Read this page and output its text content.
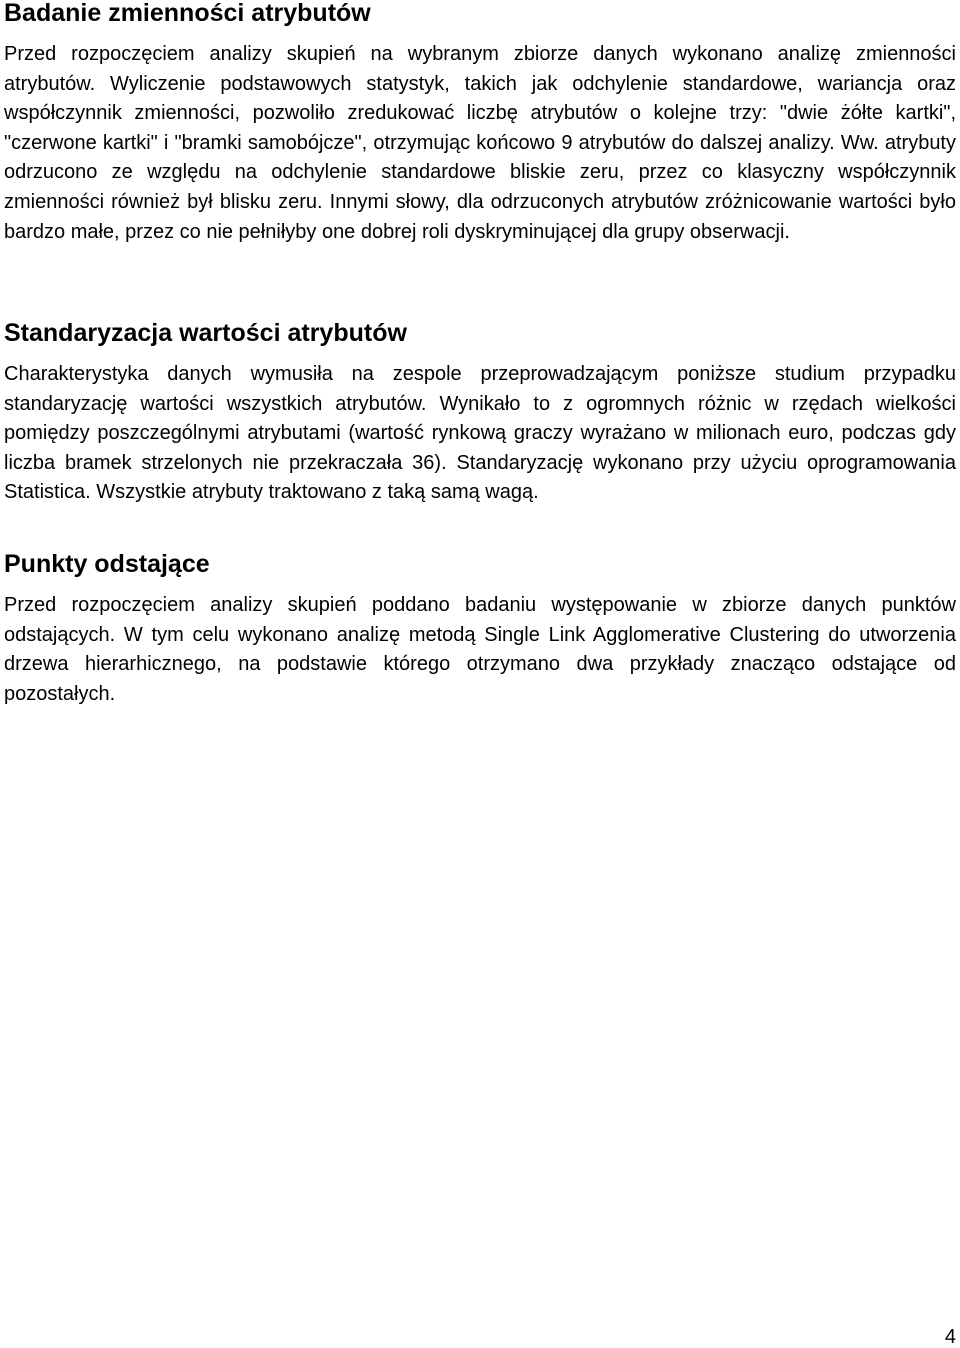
Badanie zmienności atrybutów

Przed rozpoczęciem analizy skupień na wybranym zbiorze danych wykonano analizę zmienności atrybutów. Wyliczenie podstawowych statystyk, takich jak odchylenie standardowe, wariancja oraz współczynnik zmienności, pozwoliło zredukować liczbę atrybutów o kolejne trzy: "dwie żółte kartki", "czerwone kartki" i "bramki samobójcze", otrzymując końcowo 9 atrybutów do dalszej analizy. Ww. atrybuty odrzucono ze względu na odchylenie standardowe bliskie zeru, przez co klasyczny współczynnik zmienności również był blisku zeru. Innymi słowy, dla odrzuconych atrybutów zróżnicowanie wartości było bardzo małe, przez co nie pełniłyby one dobrej roli dyskryminującej dla grupy obserwacji.

Standaryzacja wartości atrybutów

Charakterystyka danych wymusiła na zespole przeprowadzającym poniższe studium przypadku standaryzację wartości wszystkich atrybutów. Wynikało to z ogromnych różnic w rzędach wielkości pomiędzy poszczególnymi atrybutami (wartość rynkową graczy wyrażano w milionach euro, podczas gdy liczba bramek strzelonych nie przekraczała 36). Standaryzację wykonano przy użyciu oprogramowania Statistica. Wszystkie atrybuty traktowano z taką samą wagą.

Punkty odstające

Przed rozpoczęciem analizy skupień poddano badaniu występowanie w zbiorze danych punktów odstających. W tym celu wykonano analizę metodą Single Link Agglomerative Clustering do utworzenia drzewa hierarhicznego, na podstawie którego otrzymano dwa przykłady znacząco odstające od pozostałych.

4
